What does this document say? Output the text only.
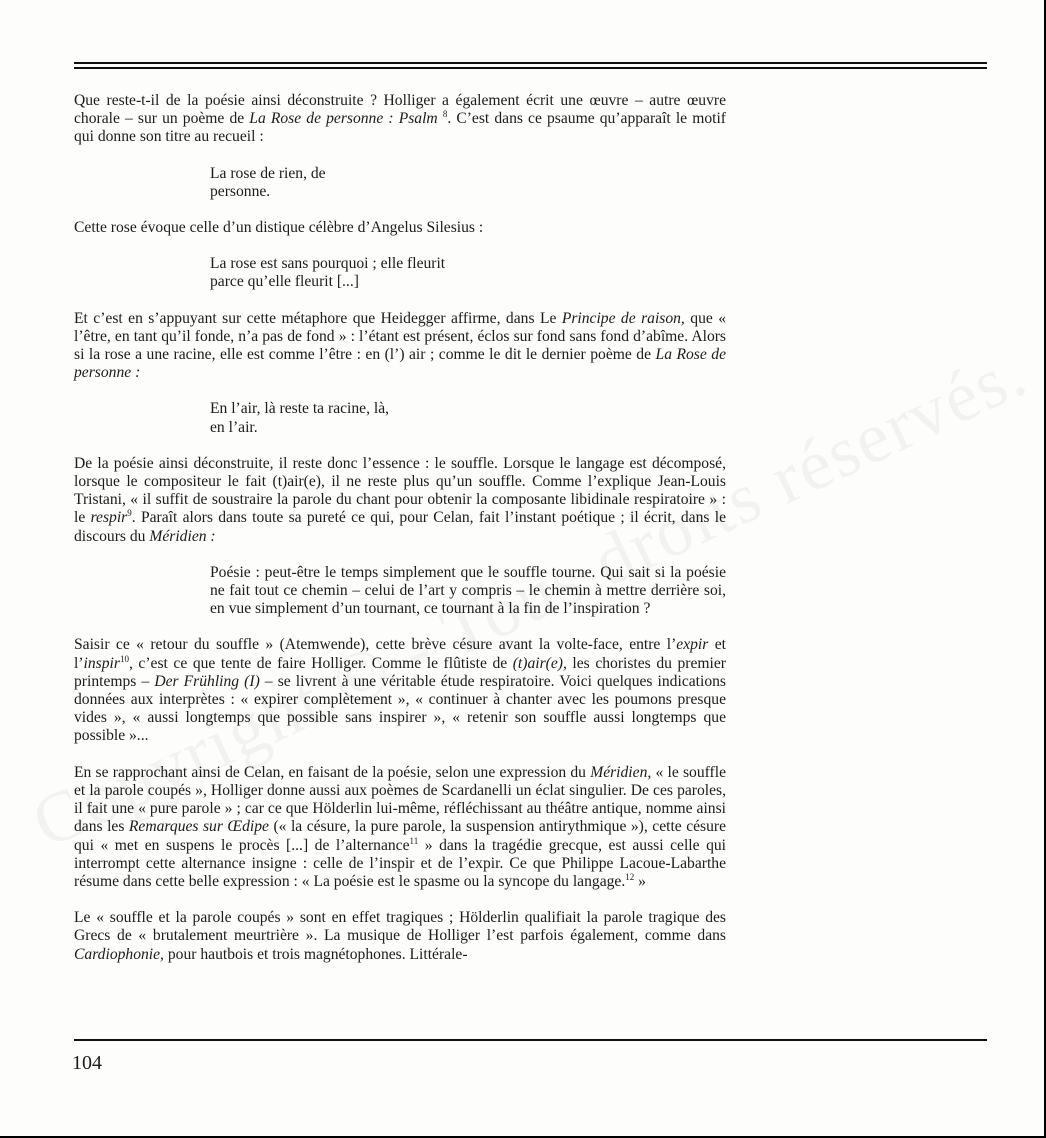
Que reste-t-il de la poésie ainsi déconstruite ? Holliger a également écrit une œuvre – autre œuvre chorale – sur un poème de La Rose de personne : Psalm $^8$. C’est dans ce psaume qu’apparaît le motif qui donne son titre au recueil :

La rose de rien, de
personne.

Cette rose évoque celle d’un distique célèbre d’Angelus Silesius :

La rose est sans pourquoi ; elle fleurit
parce qu’elle fleurit [...]

Et c’est en s’appuyant sur cette métaphore que Heidegger affirme, dans Le Principe de raison, que « l’être, en tant qu’il fonde, n’a pas de fond » : l’étant est présent, éclos sur fond sans fond d’abîme. Alors si la rose a une racine, elle est comme l’être : en (l’) air ; comme le dit le dernier poème de La Rose de personne :

En l’air, là reste ta racine, là,
en l’air.

De la poésie ainsi déconstruite, il reste donc l’essence : le souffle. Lorsque le langage est décomposé, lorsque le compositeur le fait (t)air(e), il ne reste plus qu’un souffle. Comme l’explique Jean-Louis Tristani, « il suffit de soustraire la parole du chant pour obtenir la composante libidinale respiratoire » : le respir$^9$. Paraît alors dans toute sa pureté ce qui, pour Celan, fait l’instant poétique ; il écrit, dans le discours du Méridien :

Poésie : peut-être le temps simplement que le souffle tourne. Qui sait si la poésie ne fait tout ce chemin – celui de l’art y compris – le chemin à mettre derrière soi, en vue simplement d’un tournant, ce tournant à la fin de l’inspiration ?

Saisir ce « retour du souffle » (Atemwende), cette brève césure avant la volte-face, entre l’expir et l’inspir$^{10}$, c’est ce que tente de faire Holliger. Comme le flûtiste de (t)air(e), les choristes du premier printemps – Der Frühling (I) – se livrent à une véritable étude respiratoire. Voici quelques indications données aux interprètes : « expirer complètement », « continuer à chanter avec les poumons presque vides », « aussi longtemps que possible sans inspirer », « retenir son souffle aussi longtemps que possible »...

En se rapprochant ainsi de Celan, en faisant de la poésie, selon une expression du Méridien, « le souffle et la parole coupés », Holliger donne aussi aux poèmes de Scardanelli un éclat singulier. De ces paroles, il fait une « pure parole » ; car ce que Hölderlin lui-même, réfléchissant au théâtre antique, nomme ainsi dans les Remarques sur Œdipe (« la césure, la pure parole, la suspension antirythmique »), cette césure qui « met en suspens le procès [...] de l’alternance$^{11}$ » dans la tragédie grecque, est aussi celle qui interrompt cette alternance insigne : celle de l’inspir et de l’expir. Ce que Philippe Lacoue-Labarthe résume dans cette belle expression : « La poésie est le spasme ou la syncope du langage.$^{12}$ »

Le « souffle et la parole coupés » sont en effet tragiques ; Hölderlin qualifiait la parole tragique des Grecs de « brutalement meurtrière ». La musique de Holliger l’est parfois également, comme dans Cardiophonie, pour hautbois et trois magnétophones. Littérale-

104
